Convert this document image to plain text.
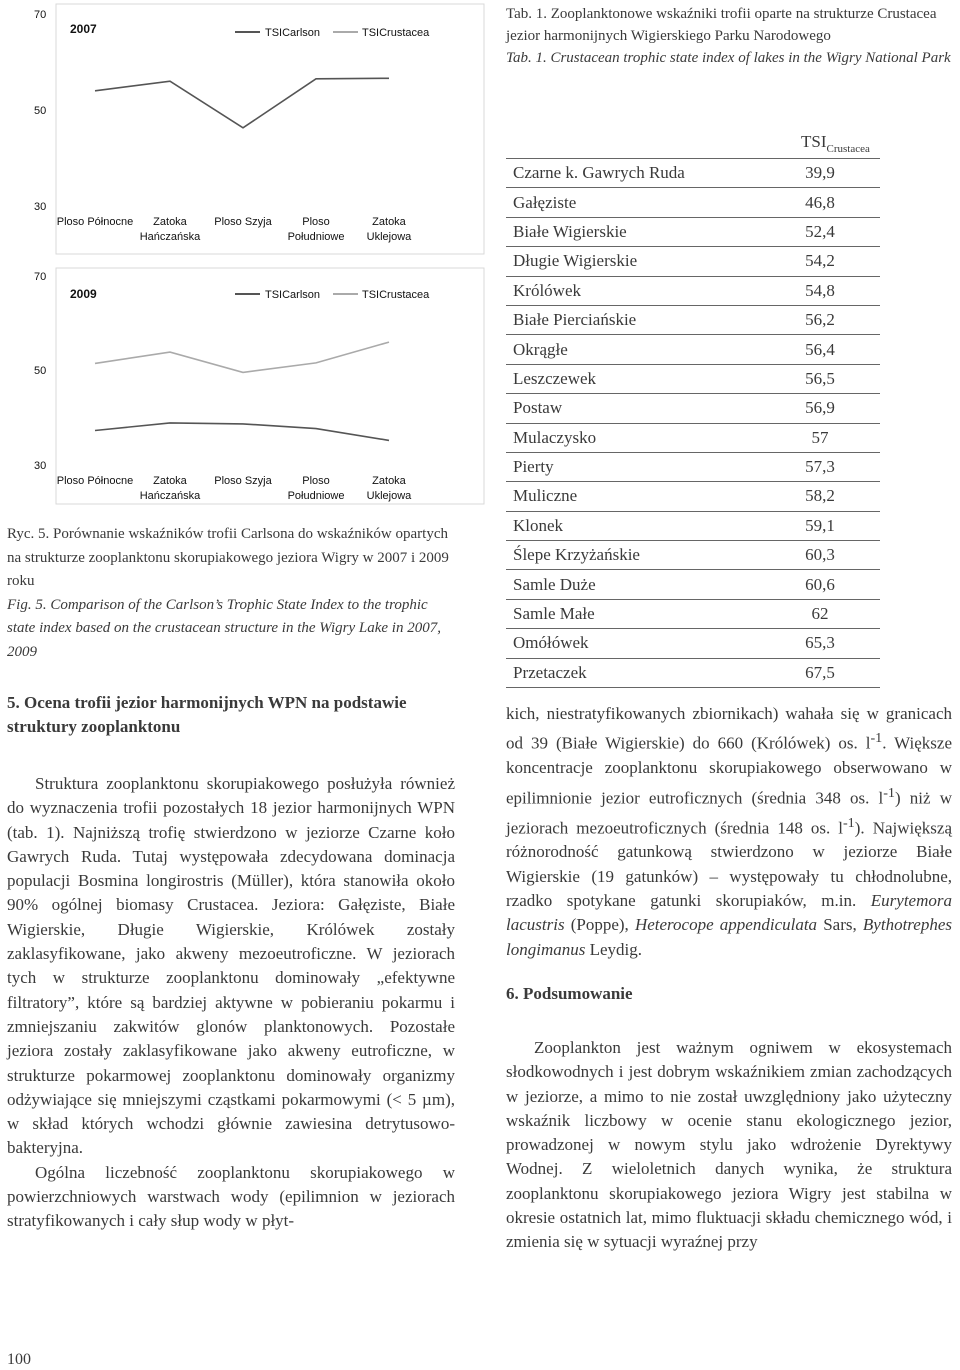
70
50
30
2007	TSICarlson	TSICrustacea
Ploso Północne	Zatoka Hańczańska
Ploso Szyja	Ploso Południowe
Zatoka Uklejowa
70
50
30
2009	TSICarlson	TSICrustacea
Ploso Północne	Zatoka Hańczańska
Ploso Szyja	Ploso Południowe
Zatoka Uklejowa

Ryc. 5. Porównanie wskaźników trofii Carlsona do wskaźników opartych na strukturze zooplanktonu skorupiakowego jeziora Wigry w 2007 i 2009 roku

Fig. 5. Comparison of the Carlson’s Trophic State Index to the trophic state index based on the crustacean structure in the Wigry Lake in 2007, 2009

Tab. 1. Zooplanktonowe wskaźniki trofii oparte na strukturze Crustacea jezior harmonijnych Wigierskiego Parku Narodowego

Tab. 1. Crustacean trophic state index of lakes in the Wigry National Park

$TSI_{Crustacea}$
Czarne k. Gawrych Ruda	39,9
Gałęziste	46,8
Białe Wigierskie	52,4
Długie Wigierskie	54,2
Królówek	54,8
Białe Pierciańskie	56,2
Okrągłe	56,4
Leszczewek	56,5
Postaw	56,9
Mulaczysko	57
Pierty	57,3
Muliczne	58,2
Klonek	59,1
Ślepe Krzyżańskie	60,3
Samle Duże	60,6
Samle Małe	62
Omółówek	65,3
Przetaczek	67,5
5. Ocena trofii jezior harmonijnych WPN na podstawie struktury zooplanktonu

Struktura zooplanktonu skorupiakowego posłużyła również do wyznaczenia trofii pozostałych 18 jezior harmonijnych WPN (tab. 1). Najniższą trofię stwierdzono w jeziorze Czarne koło Gawrych Ruda. Tutaj występowała zdecydowana dominacja populacji Bosmina longirostris (Müller), która stanowiła około 90% ogólnej biomasy Crustacea. Jeziora: Gałęziste, Białe Wigierskie, Długie Wigierskie, Królówek zostały zaklasyfikowane, jako akweny mezoeutroficzne. W jeziorach tych w strukturze zooplanktonu dominowały „efektywne filtratory”, które są bardziej aktywne w pobieraniu pokarmu i zmniejszaniu zakwitów glonów planktonowych. Pozostałe jeziora zostały zaklasyfikowane jako akweny eutroficzne, w strukturze pokarmowej zooplanktonu dominowały organizmy odżywiające się mniejszymi cząstkami pokarmowymi (< 5 µm), w skład których wchodzi głównie zawiesina detrytusowo-bakteryjna.

Ogólna liczebność zooplanktonu skorupiakowego w powierzchniowych warstwach wody (epilimnion w jeziorach stratyfikowanych i cały słup wody w płyt-

kich, niestratyfikowanych zbiornikach) wahała się w granicach od 39 (Białe Wigierskie) do 660 (Królówek) os. $l^{-1}$. Większe koncentracje zooplanktonu skorupiakowego obserwowano w epilimnionie jezior eutroficznych (średnia 348 os. $l^{-1}$) niż w jeziorach mezoeutroficznych (średnia 148 os. $l^{-1}$). Największą różnorodność gatunkową stwierdzono w jeziorze Białe Wigierskie (19 gatunków) – występowały tu chłodnolubne, rzadko spotykane gatunki skorupiaków, m.in. Eurytemora lacustris (Poppe), Heterocope appendiculata Sars, Bythotrephes longimanus Leydig.

6. Podsumowanie

Zooplankton jest ważnym ogniwem w ekosystemach słodkowodnych i jest dobrym wskaźnikiem zmian zachodzących w jeziorze, a mimo to nie został uwzględniony jako użyteczny wskaźnik liczbowy w ocenie stanu ekologicznego jezior, prowadzonej w nowym stylu jako wdrożenie Dyrektywy Wodnej. Z wieloletnich danych wynika, że struktura zooplanktonu skorupiakowego jeziora Wigry jest stabilna w okresie ostatnich lat, mimo fluktuacji składu chemicznego wód, i zmienia się w sytuacji wyraźnej przy

100
